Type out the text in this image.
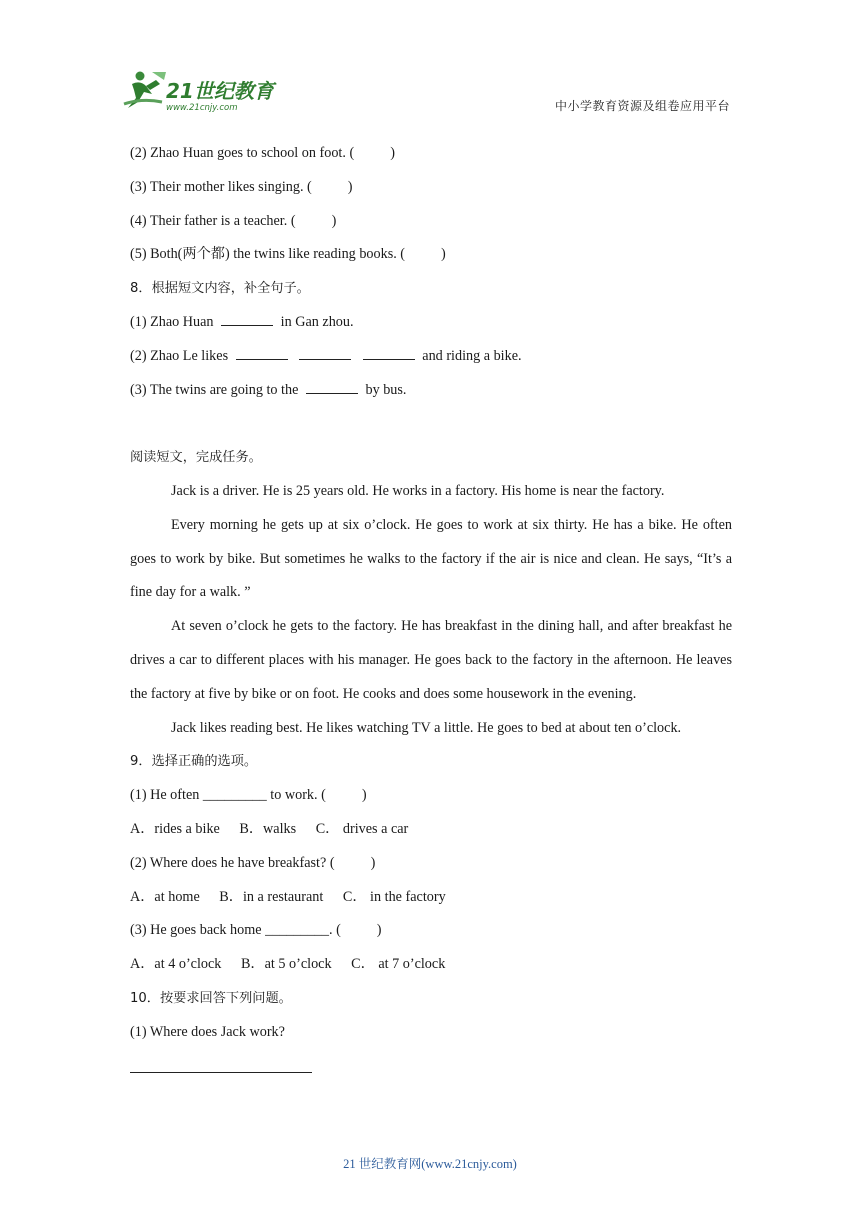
21世纪教育
www.21cnjy.com	中小学教育资源及组卷应用平台
(2) Zhao Huan goes to school on foot. (	)
(3) Their mother likes singing. (	)
(4) Their father is a teacher. (	)
(5) Both(两个都) the twins like reading books. (	)
8．根据短文内容，补全句子。
(1) Zhao Huan	in Gan zhou.
(2) Zhao Le likes	and riding a bike.
(3) The twins are going to the	by bus.
阅读短文，完成任务。
Jack is a driver. He is 25 years old. He works in a factory. His home is near the factory.
Every morning he gets up at six o’clock. He goes to work at six thirty. He has a bike. He often goes to work by bike. But sometimes he walks to the factory if the air is nice and clean. He says, “It’s a fine day for a walk. ”
At seven o’clock he gets to the factory. He has breakfast in the dining hall, and after breakfast he drives a car to different places with his manager. He goes back to the factory in the afternoon. He leaves the factory at five by bike or on foot. He cooks and does some housework in the evening.
Jack likes reading best. He likes watching TV a little. He goes to bed at about ten o’clock.
9．选择正确的选项。
(1) He often _________ to work. (	)
A．rides a bike B．walks C． drives a car
(2) Where does he have breakfast? (	)
A．at home B．in a restaurant C． in the factory
(3) He goes back home _________. (	)
A．at 4 o’clock B．at 5 o’clock C． at 7 o’clock
10．按要求回答下列问题。
(1) Where does Jack work?
21 世纪教育网(www.21cnjy.com)
